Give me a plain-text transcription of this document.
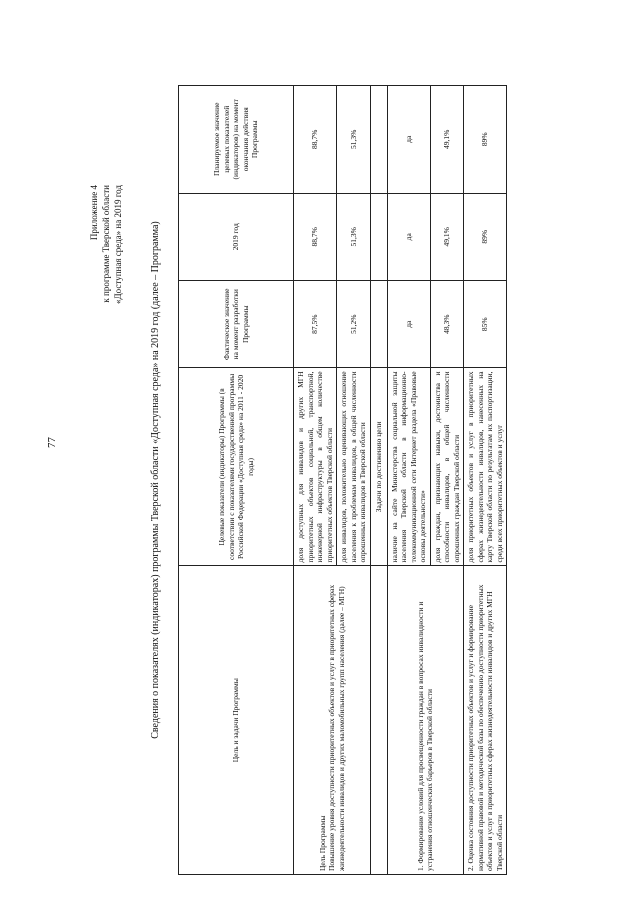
77
Приложение 4 к программе Тверской области «Доступная среда» на 2019 год	Сведения о показателях (индикаторах) программы Тверской области «Доступная среда» на 2019 год (далее – Программа)	Цель и задачи Программы	Целевые показатели (индикаторы) Программы (в соответствии с показателями государственной программы Российской Федерации «Доступная среда» на 2011 - 2020 годы)	Фактическое значение на момент разработки Программы	2019 год	Планируемое значение целевых показателей (индикаторов) на момент окончания действия Программы

Цель Программы Повышение уровня доступности приоритетных объектов и услуг в приоритетных сферах жизнедеятельности инвалидов и других маломобильных групп населения (далее – МГН)	доля доступных для инвалидов и других МГН приоритетных объектов социальной, транспортной, инженерной инфраструктуры в общем количестве приоритетных объектов Тверской области	87,5%	88,7%	88,7%
	доля инвалидов, положительно оценивающих отношение населения к проблемам инвалидов, в общей численности опрошенных инвалидов в Тверской области	51,2%	51,3%	51,3%
	Задачи по достижению цели			
1. Формирование условий для просвещенности граждан в вопросах инвалидности и устранения отношенческих барьеров в Тверской области	наличие на сайте Министерства социальной защиты населения Тверской области в информационно-телекоммуникационной сети Интернет раздела «Правовые основы деятельности»	да	да	да
	доля граждан, признающих навыки, достоинства и способности инвалидов, в общей численности опрошенных граждан Тверской области	48,3%	49,1%	49,1%
2. Оценка состояния доступности приоритетных объектов и услуг и формирование нормативной правовой и методической базы по обеспечению доступности приоритетных объектов и услуг в приоритетных сферах жизнедеятельности инвалидов и других МГН Тверской области	доля приоритетных объектов и услуг в приоритетных сферах жизнедеятельности инвалидов, нанесенных на карту Тверской области по результатам их паспортизации, среди всех приоритетных объектов и услуг	85%	89%	89%
